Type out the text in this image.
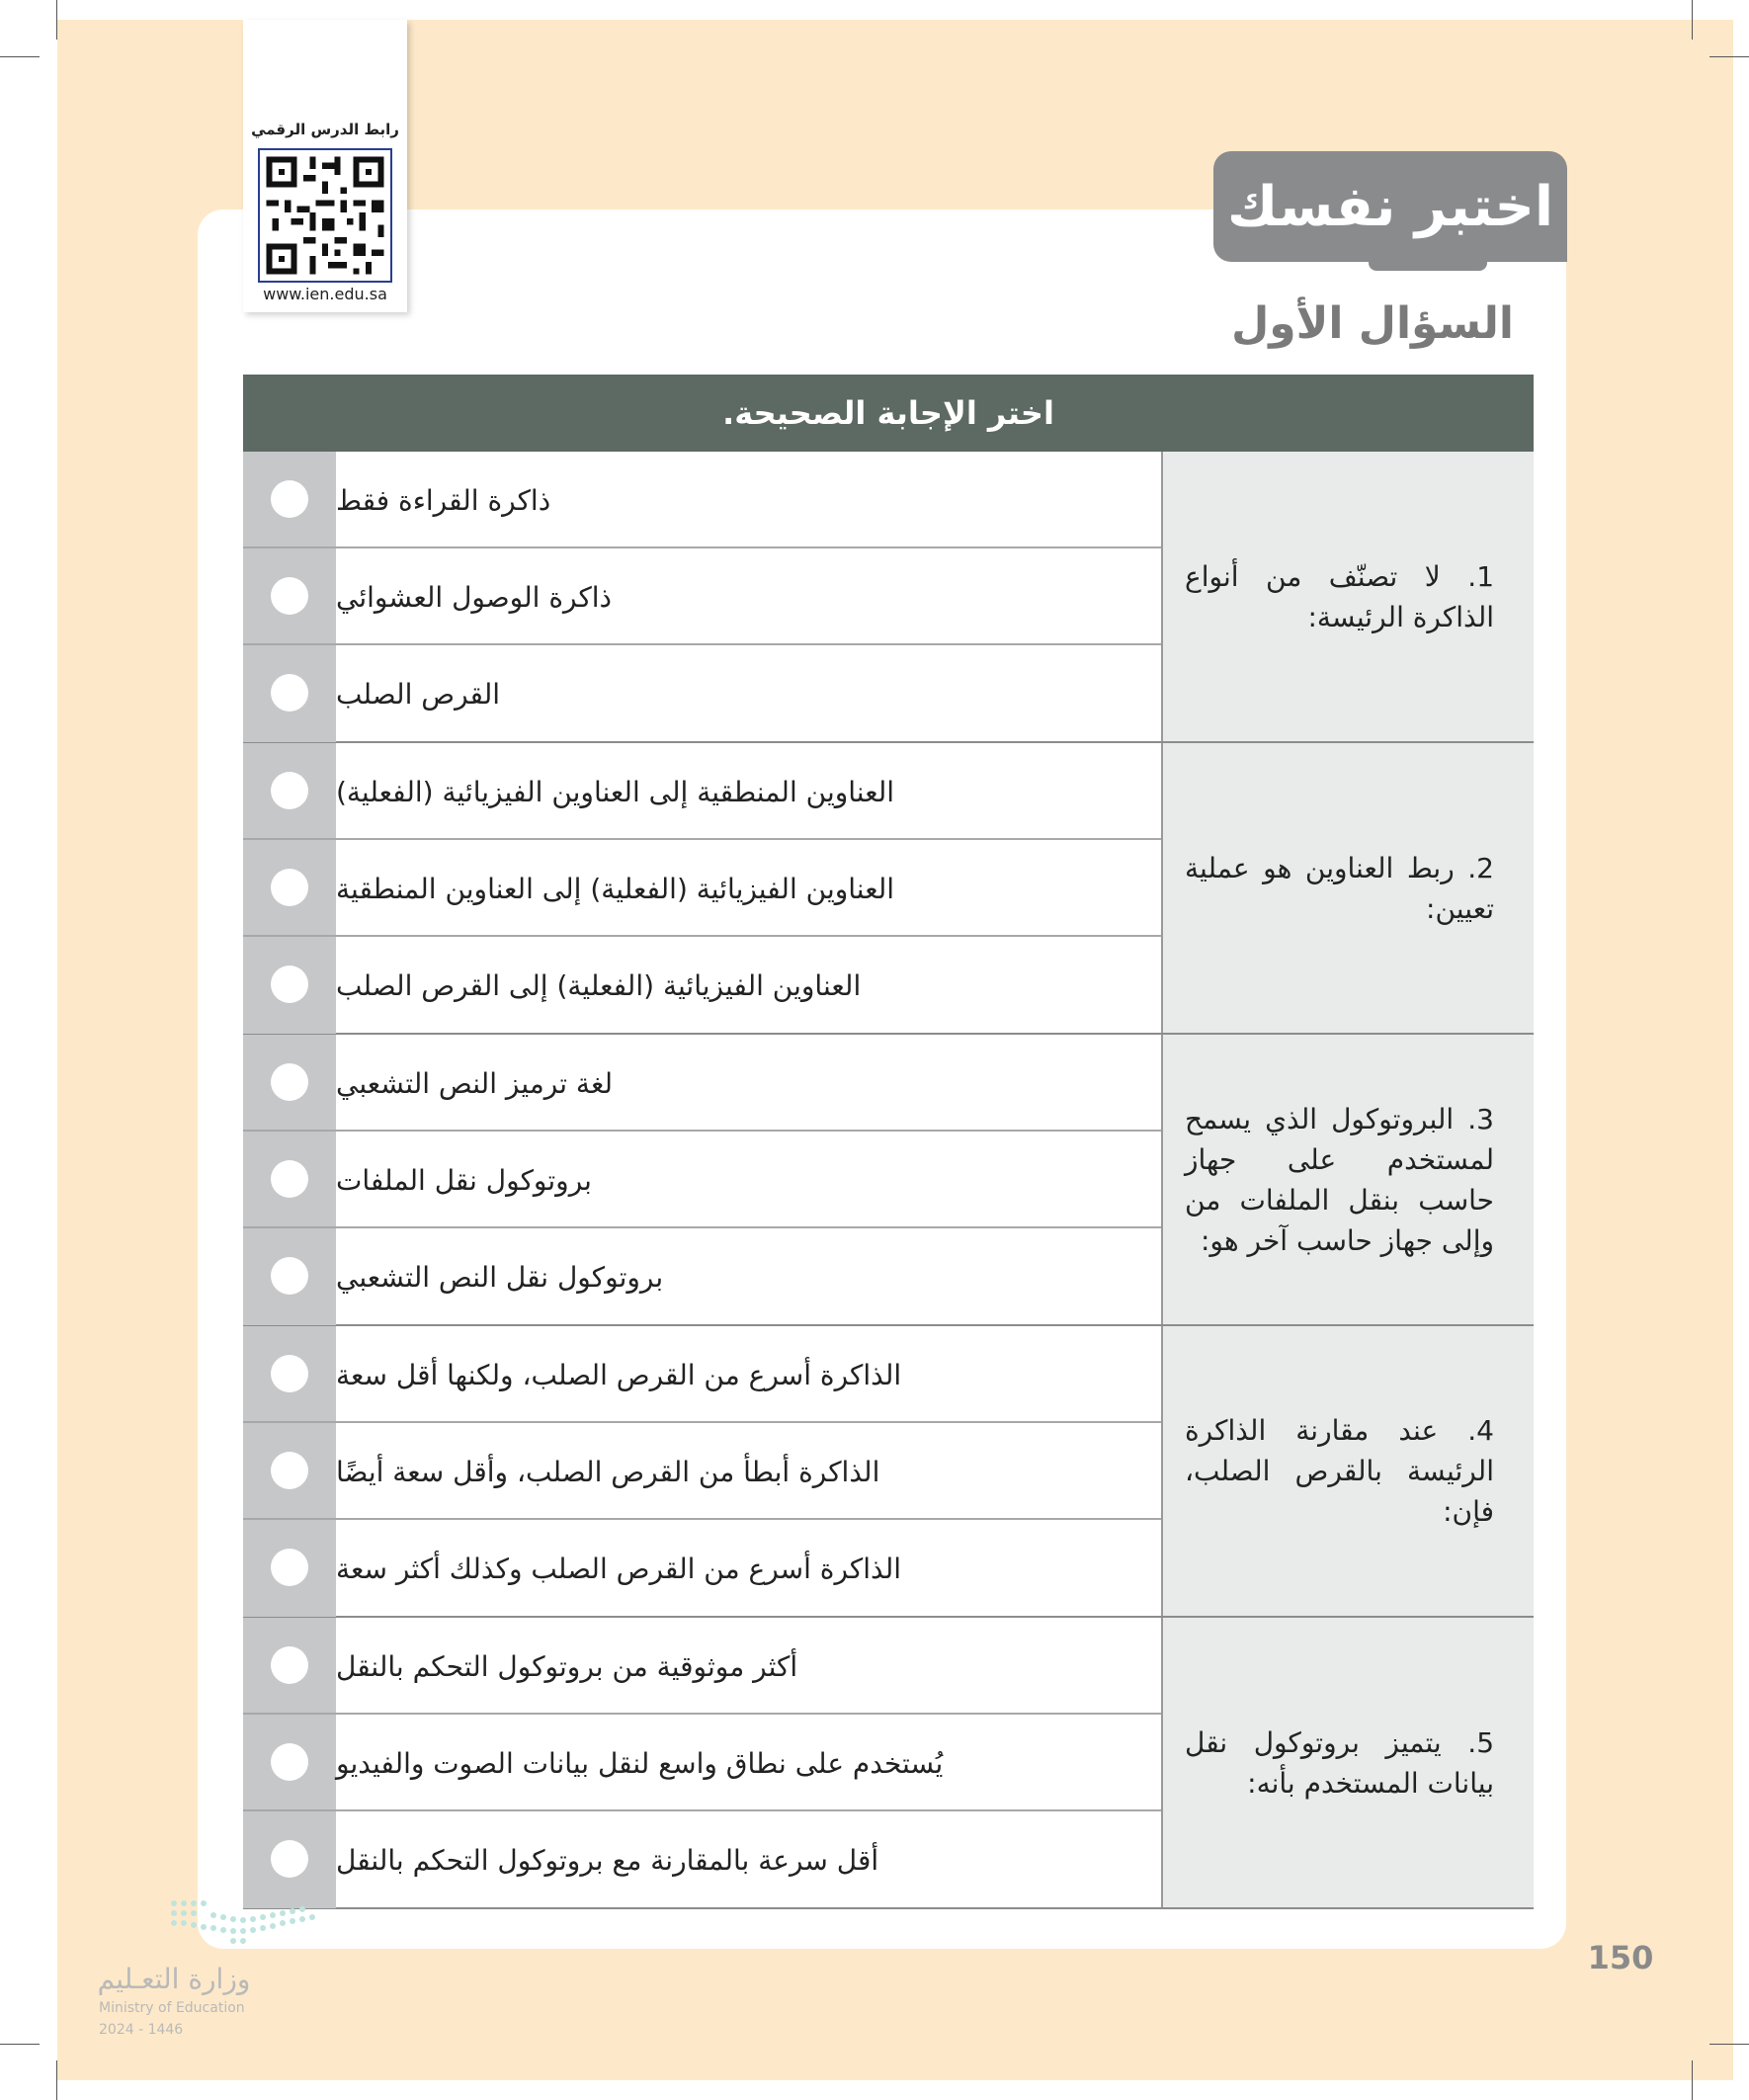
رابط الدرس الرقمي
www.ien.edu.sa
اختبر نفسك
السؤال الأول
اختر الإجابة الصحيحة.
1. لا تصنّف من أنواع الذاكرة الرئيسة:
ذاكرة القراءة فقط
ذاكرة الوصول العشوائي
القرص الصلب
2. ربط العناوين هو عملية تعيين:
العناوين المنطقية إلى العناوين الفيزيائية (الفعلية)
العناوين الفيزيائية (الفعلية) إلى العناوين المنطقية
العناوين الفيزيائية (الفعلية) إلى القرص الصلب
3. البروتوكول الذي يسمح لمستخدم على جهاز حاسب بنقل الملفات من وإلى جهاز حاسب آخر هو:
لغة ترميز النص التشعبي
بروتوكول نقل الملفات
بروتوكول نقل النص التشعبي
4. عند مقارنة الذاكرة الرئيسة بالقرص الصلب، فإن:
الذاكرة أسرع من القرص الصلب، ولكنها أقل سعة
الذاكرة أبطأ من القرص الصلب، وأقل سعة أيضًا
الذاكرة أسرع من القرص الصلب وكذلك أكثر سعة
5. يتميز بروتوكول نقل بيانات المستخدم بأنه:
أكثر موثوقية من بروتوكول التحكم بالنقل
يُستخدم على نطاق واسع لنقل بيانات الصوت والفيديو
أقل سرعة بالمقارنة مع بروتوكول التحكم بالنقل
وزارة التعـليم
Ministry of Education
2024 - 1446
150
